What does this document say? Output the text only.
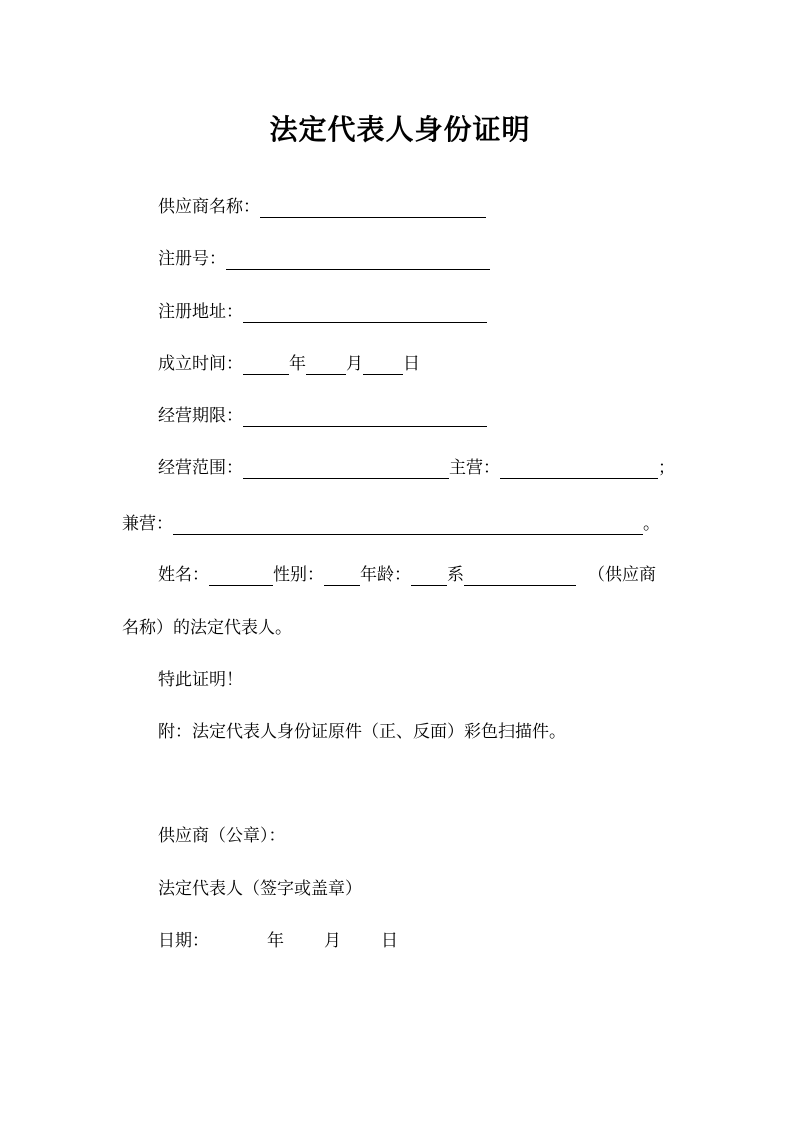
法定代表人身份证明
供应商名称：
注册号：
注册地址：
成立时间：	年 月 日
经营期限：
经营范围：	主营：	；
兼营：	。
姓名：	性别： 年龄： 系	（供应商
名称）的法定代表人。
特此证明！
附：法定代表人身份证原件（正、反面）彩色扫描件。
供应商（公章）：
法定代表人（签字或盖章）
日期：	年 月 日
